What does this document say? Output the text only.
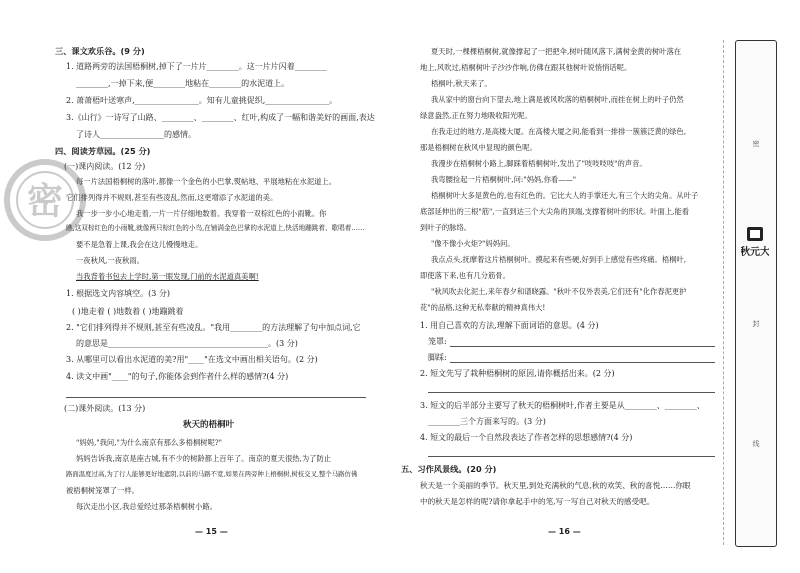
三、课文欢乐谷。(9 分)
1. 道路两旁的法国梧桐树,掉下了一片片________。这一片片闪着________
________,一掉下来,便________地粘在________的水泥道上。
2. 萧萧梧叶送寒声,________________。知有儿童挑促织,________________。
3.《山行》一诗写了山路、________、________、红叶,构成了一幅和谐美好的画面,表达
了诗人________________的感情。
四、阅读芳草园。(25 分)
(一)课内阅读。(12 分)
每一片法国梧桐树的落叶,都像一个金色的小巴掌,熨帖地、平展地粘在水泥道上。
它们排列得并不规则,甚至有些凌乱,然而,这更增添了水泥道的美。
我一步一步小心地走着,一片一片仔细地数着。我穿着一双棕红色的小雨靴。你
瞧,这双棕红色的小雨靴,就像两只棕红色的小鸟,在铺满金色巴掌的水泥道上,快活地蹦跳着、歌唱着……
要不是急着上课,我会在这儿慢慢地走。
一夜秋风,一夜秋雨。
当我背着书包去上学时,第一眼发现,门前的水泥道真美啊!
1. 根据选文内容填空。(3 分)
( )地走着 ( )地数着 ( )地蹦跳着
2. "它们排列得并不规则,甚至有些凌乱。"我用________的方法理解了句中加点词,它
的意思是________________________________________。(3 分)
3. 从哪里可以看出水泥道的美?用"____"在选文中画出相关语句。(2 分)
4. 读文中画"____"的句子,你能体会到作者什么样的感情?(4 分)
(二)课外阅读。(13 分)
秋天的梧桐叶
"妈妈,"我问,"为什么南京有那么多梧桐树呢?"
妈妈告诉我,南京是座古城,有不少的树龄都上百年了。南京的夏天很热,为了防止
路面温度过高,为了行人能够更好地遮阴,以前的马路不宽,如果在两旁种上梧桐树,树枝交叉,整个马路仿佛
被梧桐树笼罩了一样。
每次走出小区,我总爱经过那条梧桐树小路。
— 15 —
密
夏天时,一棵棵梧桐树,就像撑起了一把把伞,树叶随风落下,满树金黄的树叶落在
地上,风吹过,梧桐树叶子沙沙作响,仿佛在跟其他树叶说悄悄话呢。
梧桐叶,秋天来了。
我从家中的窗台向下望去,地上满是被风吹落的梧桐树叶,而挂在树上的叶子仍然
绿意盎然,正在努力地吸收阳光呢。
在我走过的地方,是高楼大厦。在高楼大厦之间,能看到一排排一簇簇泛黄的绿色,
那是梧桐树在秋风中显现的颜色呢。
我漫步在梧桐树小路上,脚踩着梧桐树叶,发出了"吱吱吱吱"的声音。
我弯腰捡起一片梧桐树叶,问:"妈妈,你看——"
梧桐树叶大多是黄色的,也有红色的。它比大人的手掌还大,有三个大的尖角。从叶子
底部延伸出的三根"筋",一直到达三个大尖角的顶端,支撑着树叶的形状。叶面上,能看
到叶子的脉络。
"像不像小火炬?"妈妈问。
我点点头,抚摩着这片梧桐树叶。摸起来有些硬,好到手上感觉有些疼痛。梧桐叶,
即使落下来,也有几分筋骨。
"秋风吹去化泥土,来年春夕和谱晓露。"秋叶不仅外表美,它们还有"化作春泥更护
花"的品格,这种无私奉献的精神真伟大!
1. 用自己喜欢的方法,理解下面词语的意思。(4 分)
笼罩:
脚踩:
2. 短文先写了栽种梧桐树的原因,请你概括出来。(2 分)
3. 短文的后半部分主要写了秋天的梧桐树叶,作者主要是从________、________、
________三个方面来写的。(3 分)
4. 短文的最后一个自然段表达了作者怎样的思想感情?(4 分)
五、习作风景线。(20 分)
秋天是一个美丽的季节。秋天里,到处充满秋的气息,秋的欢笑、秋的喜悦……你眼
中的秋天是怎样的呢?请你拿起手中的笔,写一写自己对秋天的感受吧。
— 16 —
密
封
线
秋元大
